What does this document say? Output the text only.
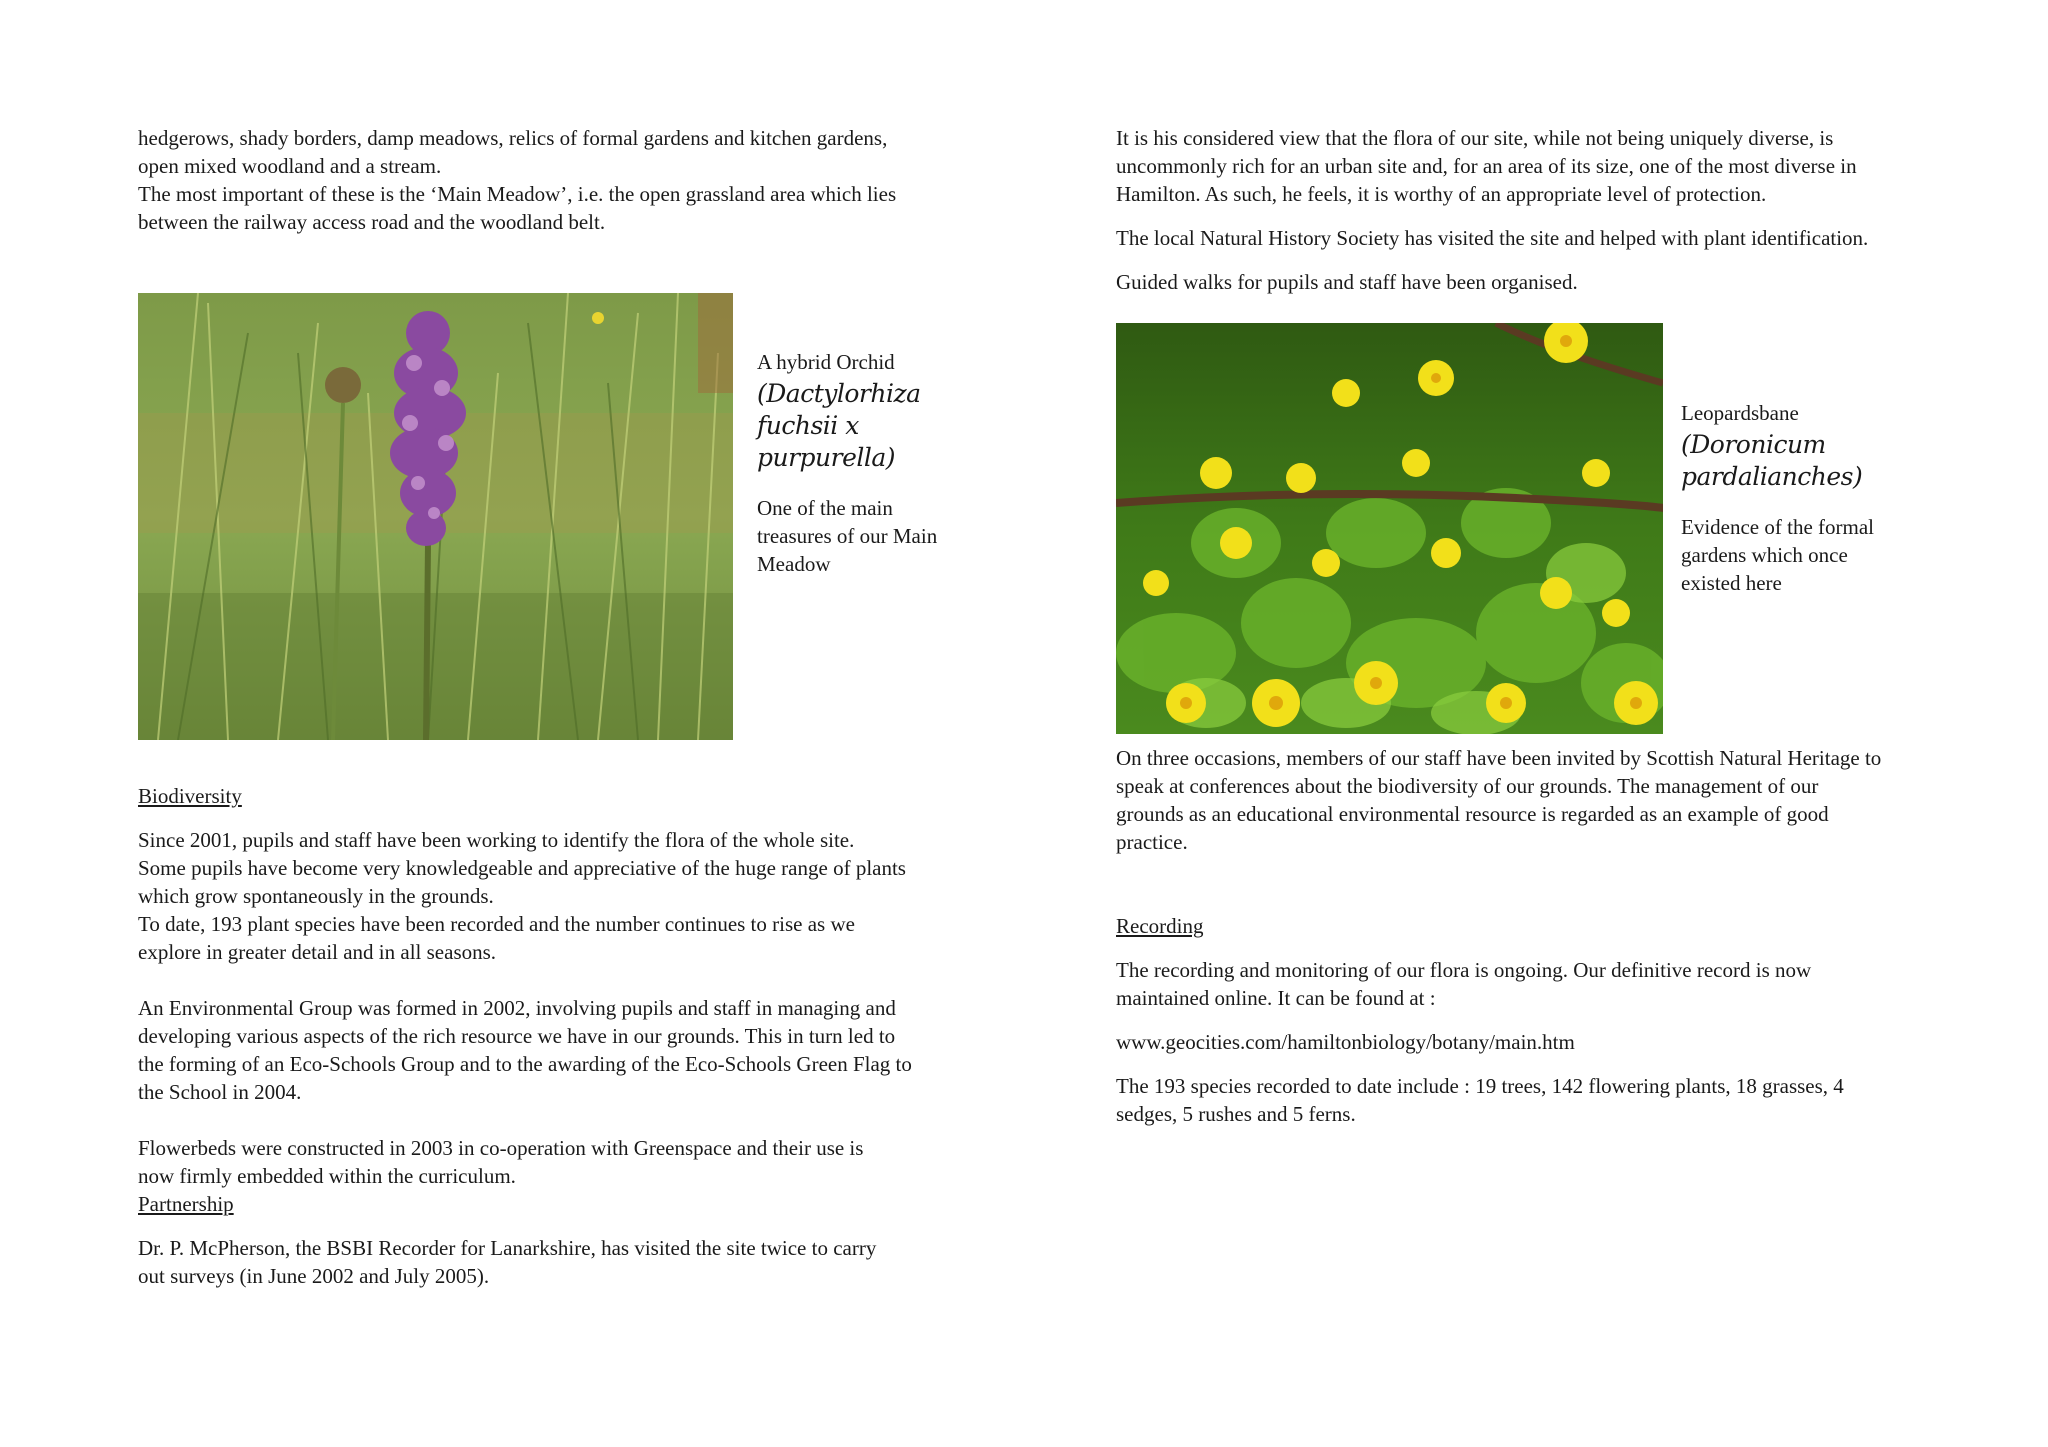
hedgerows, shady borders, damp meadows, relics of formal gardens and kitchen gardens,

open mixed woodland and a stream.

The most important of these is the ‘Main Meadow’, i.e. the open grassland area which lies

between the railway access road and the woodland belt.

A hybrid Orchid

(Dactylorhiza
fuchsii x
purpurella)

One of the main

treasures of our Main

Meadow

Biodiversity

Since 2001, pupils and staff have been working to identify the flora of the whole site.

Some pupils have become very knowledgeable and appreciative of the huge range of plants

which grow spontaneously in the grounds.

To date, 193 plant species have been recorded and the number continues to rise as we

explore in greater detail and in all seasons.

An Environmental Group was formed in 2002, involving pupils and staff in managing and

developing various aspects of the rich resource we have in our grounds. This in turn led to

the forming of an Eco-Schools Group and to the awarding of the Eco-Schools Green Flag to

the School in 2004.

Flowerbeds were constructed in 2003 in co-operation with Greenspace and their use is

now firmly embedded within the curriculum.

Partnership

Dr. P. McPherson, the BSBI Recorder for Lanarkshire, has visited the site twice to carry

out surveys (in June 2002 and July 2005).

It is his considered view that the flora of our site, while not being uniquely diverse, is

uncommonly rich for an urban site and, for an area of its size, one of the most diverse in

Hamilton. As such, he feels, it is worthy of an appropriate level of protection.

The local Natural History Society has visited the site and helped with plant identification.

Guided walks for pupils and staff have been organised.

Leopardsbane

(Doronicum
pardalianches)

Evidence of the formal

gardens which once

existed here

On three occasions, members of our staff have been invited by Scottish Natural Heritage to

speak at conferences about the biodiversity of our grounds. The management of our

grounds as an educational environmental resource is regarded as an example of good

practice.

Recording

The recording and monitoring of our flora is ongoing. Our definitive record is now

maintained online. It can be found at :

www.geocities.com/hamiltonbiology/botany/main.htm

The 193 species recorded to date include : 19 trees, 142 flowering plants, 18 grasses, 4

sedges, 5 rushes and 5 ferns.
